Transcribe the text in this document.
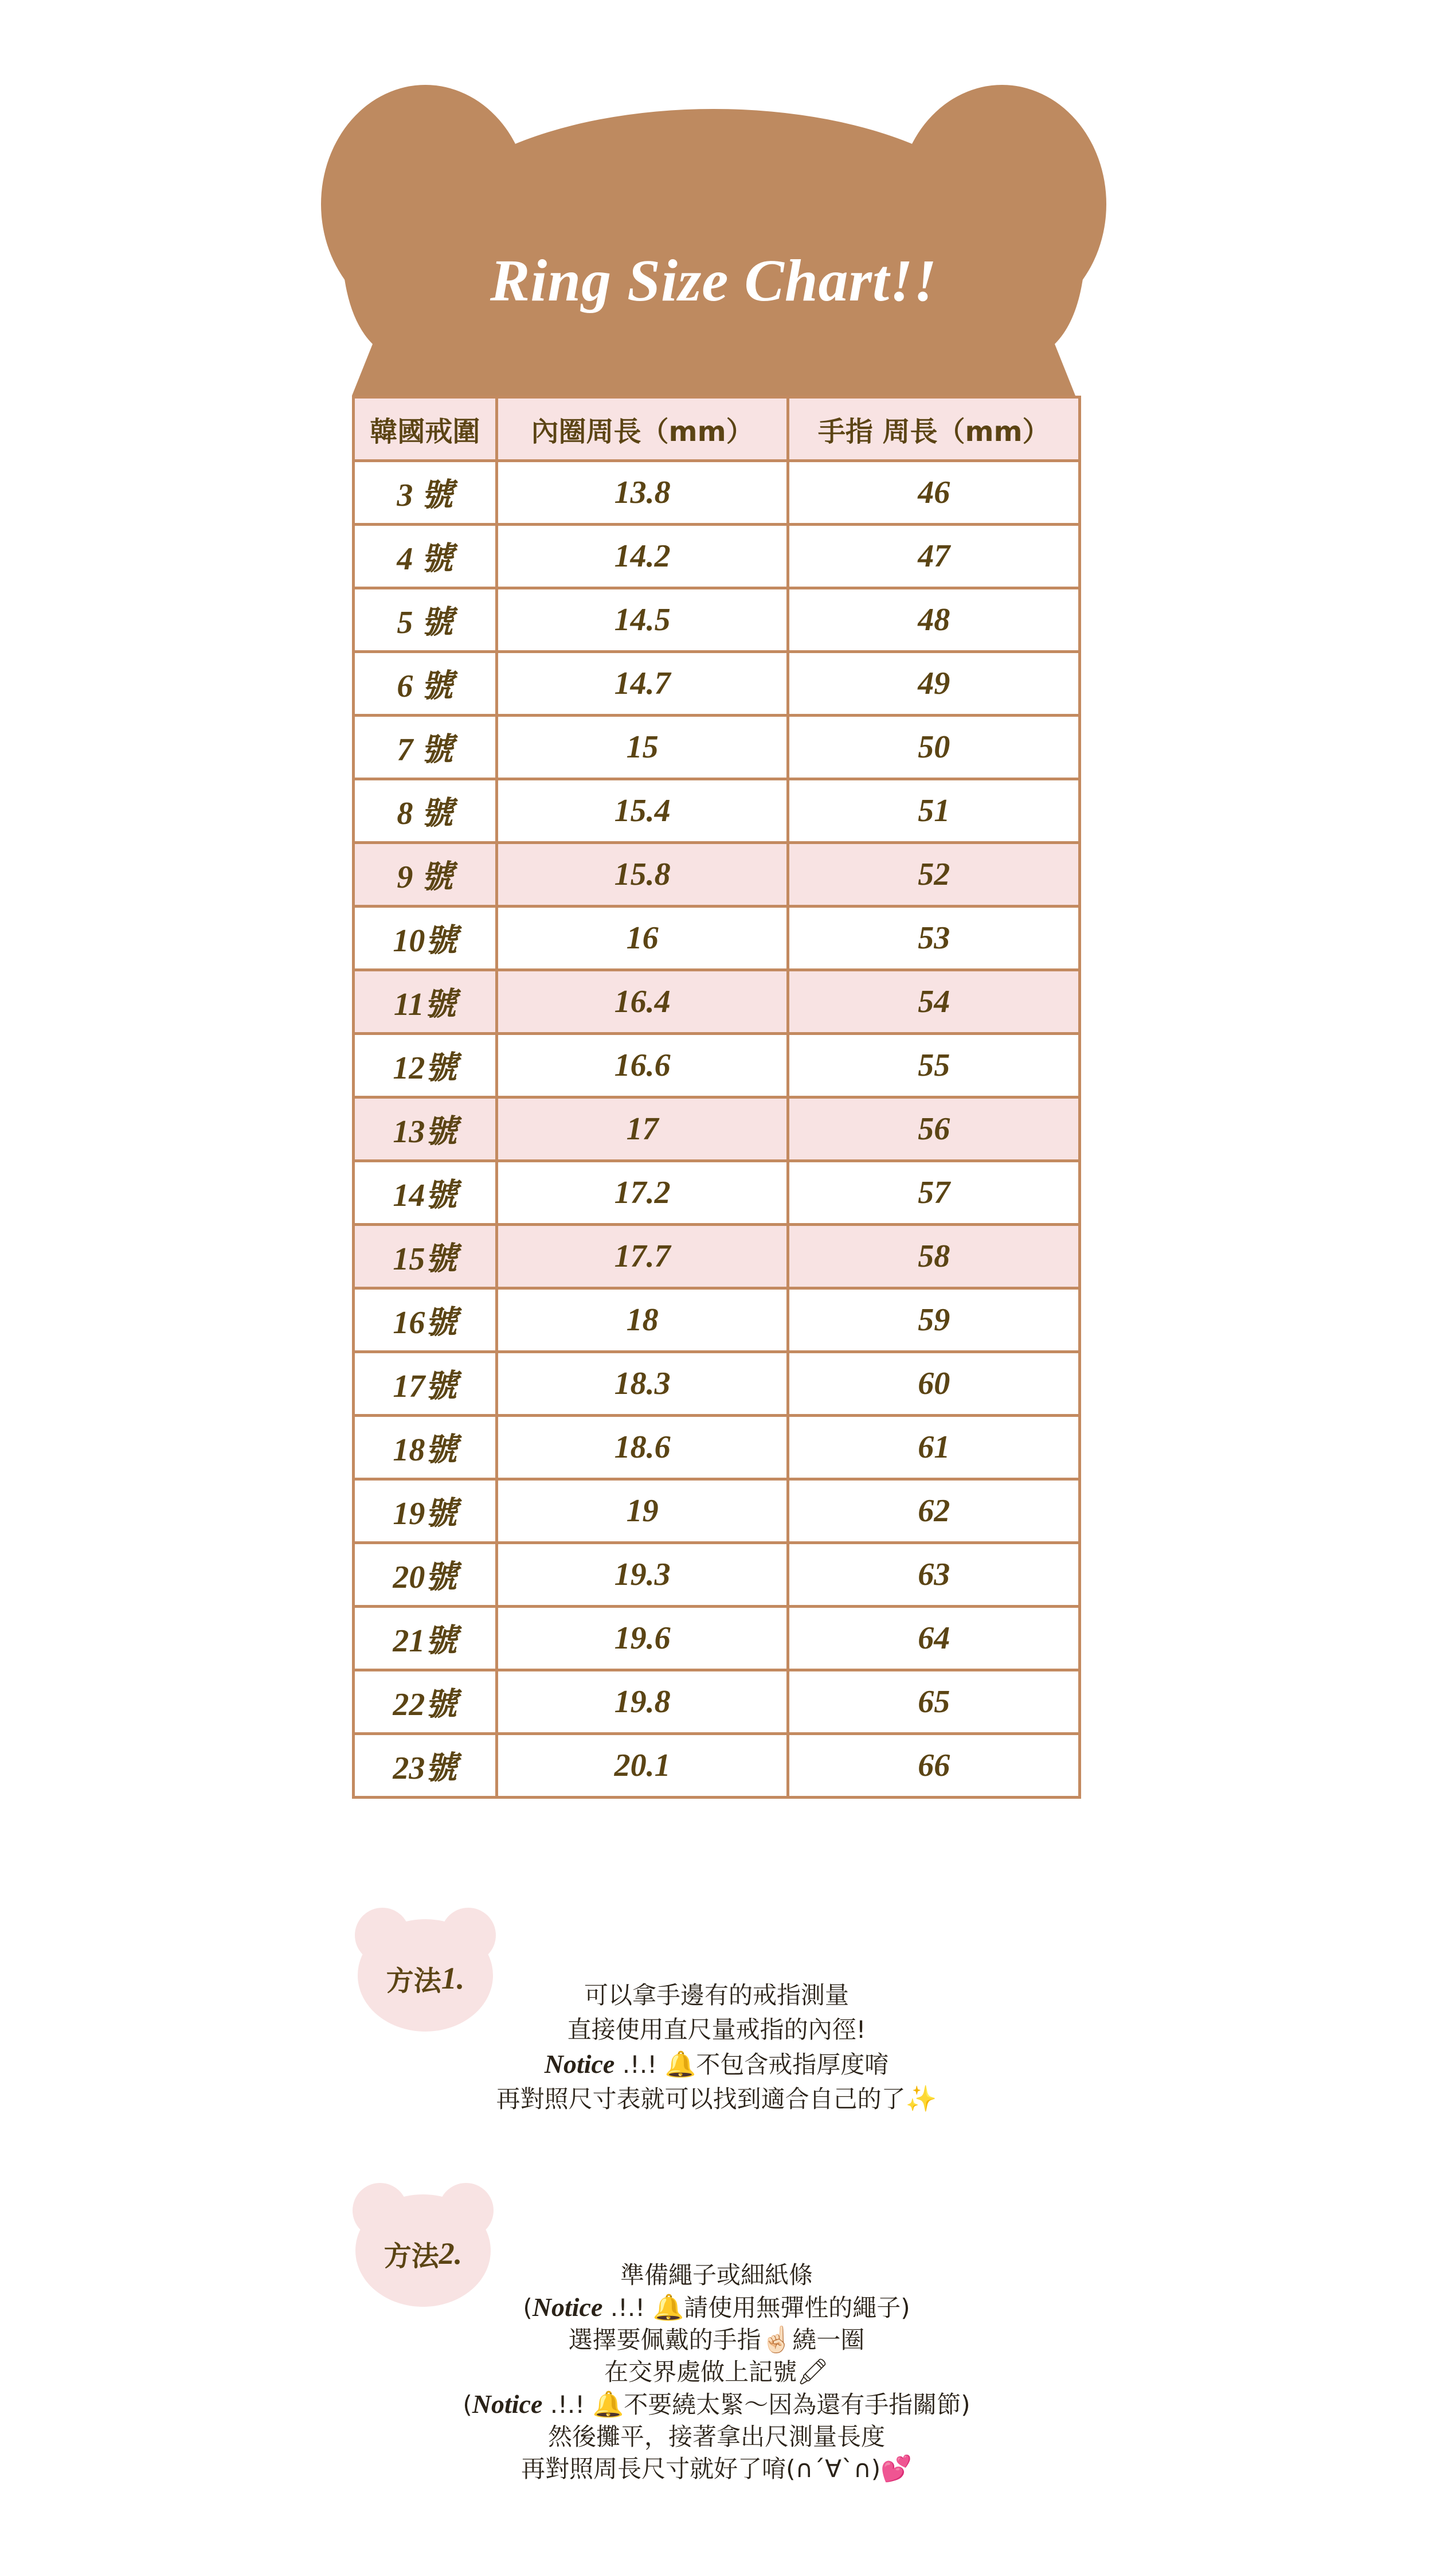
Ring Size Chart!!
韓國戒圍	內圈周長（mm）	手指 周長（mm）
3 號	13.8	46
4 號	14.2	47
5 號	14.5	48
6 號	14.7	49
7 號	15	50
8 號	15.4	51
9 號	15.8	52
10號	16	53
11號	16.4	54
12號	16.6	55
13號	17	56
14號	17.2	57
15號	17.7	58
16號	18	59
17號	18.3	60
18號	18.6	61
19號	19	62
20號	19.3	63
21號	19.6	64
22號	19.8	65
23號	20.1	66
方法 1.	可以拿手邊有的戒指測量
直接使用直尺量戒指的內徑!
Notice .!.! 🔔不包含戒指厚度唷
再對照尺寸表就可以找到適合自己的了✨
方法 2.
準備繩子或細紙條
(Notice .!.! 🔔請使用無彈性的繩子)
選擇要佩戴的手指☝🏻繞一圈
在交界處做上記號🖍
(Notice .!.! 🔔不要繞太緊～因為還有手指關節)
然後攤平，接著拿出尺測量長度
再對照周長尺寸就好了唷(∩´∀`∩)💕
